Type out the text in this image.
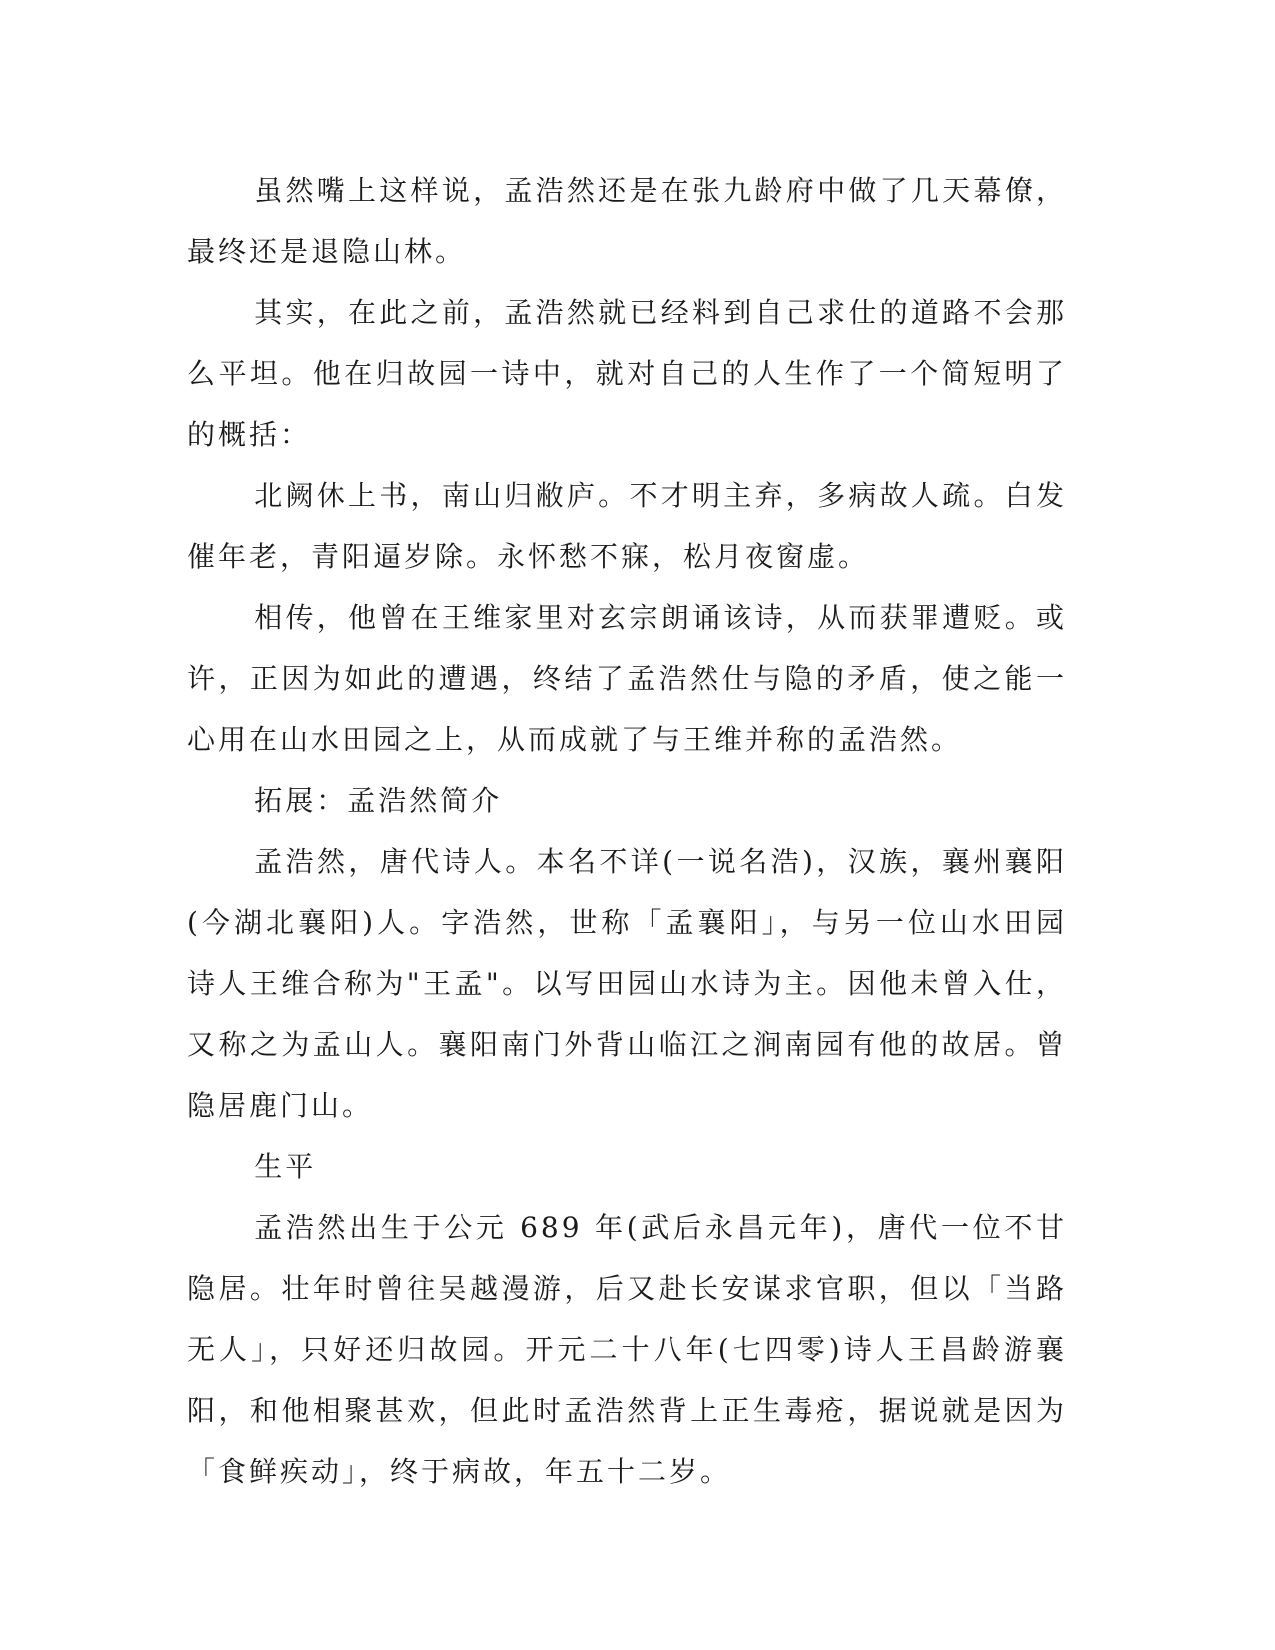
虽然嘴上这样说，孟浩然还是在张九龄府中做了几天幕僚，最终还是退隐山林。

其实，在此之前，孟浩然就已经料到自己求仕的道路不会那么平坦。他在归故园一诗中，就对自己的人生作了一个简短明了的概括：

北阙休上书，南山归敝庐。不才明主弃，多病故人疏。白发催年老，青阳逼岁除。永怀愁不寐，松月夜窗虚。

相传，他曾在王维家里对玄宗朗诵该诗，从而获罪遭贬。或许，正因为如此的遭遇，终结了孟浩然仕与隐的矛盾，使之能一心用在山水田园之上，从而成就了与王维并称的孟浩然。

拓展：孟浩然简介

孟浩然，唐代诗人。本名不详(一说名浩)，汉族，襄州襄阳(今湖北襄阳)人。字浩然，世称「孟襄阳」，与另一位山水田园诗人王维合称为"王孟"。以写田园山水诗为主。因他未曾入仕，又称之为孟山人。襄阳南门外背山临江之涧南园有他的故居。曾隐居鹿门山。

生平

孟浩然出生于公元 689 年(武后永昌元年)，唐代一位不甘隐居。壮年时曾往吴越漫游，后又赴长安谋求官职，但以「当路无人」，只好还归故园。开元二十八年(七四零)诗人王昌龄游襄阳，和他相聚甚欢，但此时孟浩然背上正生毒疮，据说就是因为「食鲜疾动」，终于病故，年五十二岁。
